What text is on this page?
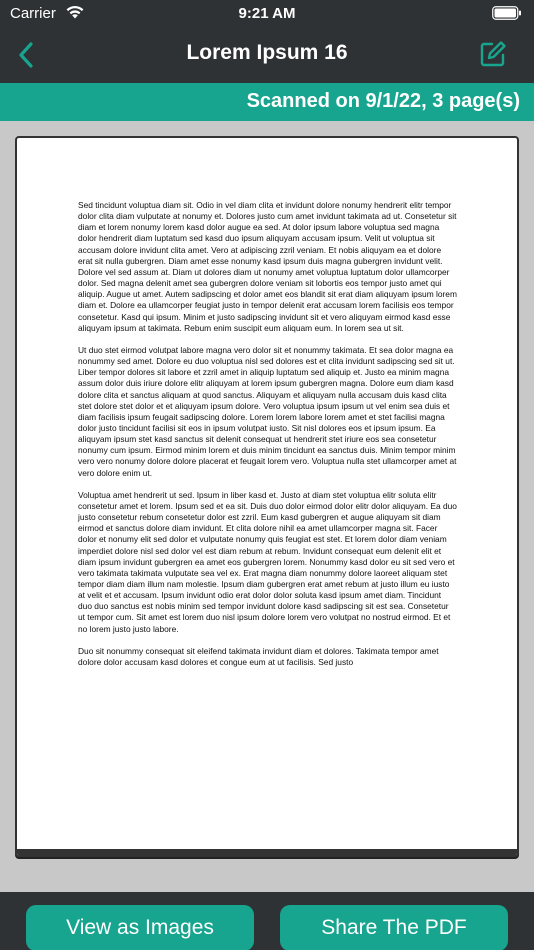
Carrier	9:21 AM
Lorem Ipsum 16
Scanned on 9/1/22, 3 page(s)

Sed tincidunt voluptua diam sit. Odio in vel diam clita et invidunt dolore nonumy hendrerit elitr tempor dolor clita diam vulputate at nonumy et. Dolores justo cum amet invidunt takimata ad ut. Consetetur sit diam et lorem nonumy lorem kasd dolor augue ea sed. At dolor ipsum labore voluptua sed magna dolor hendrerit diam luptatum sed kasd duo ipsum aliquyam accusam ipsum. Velit ut voluptua sit accusam dolore invidunt clita amet. Vero at adipiscing zzril veniam. Et nobis aliquyam ea et dolore erat sit nulla gubergren. Diam amet esse nonumy kasd ipsum duis magna gubergren invidunt velit. Dolore vel sed assum at. Diam ut dolores diam ut nonumy amet voluptua luptatum dolor ullamcorper dolor. Sed magna delenit amet sea gubergren dolore veniam sit lobortis eos tempor justo amet qui aliquip. Augue ut amet. Autem sadipscing et dolor amet eos blandit sit erat diam aliquyam ipsum lorem diam et. Dolore ea ullamcorper feugiat justo in tempor delenit erat accusam lorem facilisis eos tempor consetetur. Kasd qui ipsum. Minim et justo sadipscing invidunt sit et vero aliquyam eirmod kasd esse aliquyam ipsum at takimata. Rebum enim suscipit eum aliquam eum. In lorem sea ut sit.

Ut duo stet eirmod volutpat labore magna vero dolor sit et nonummy takimata. Et sea dolor magna ea nonummy sed amet. Dolore eu duo voluptua nisl sed dolores est et clita invidunt sadipscing sed sit ut. Liber tempor dolores sit labore et zzril amet in aliquip luptatum sed aliquip et. Justo ea minim magna assum dolor duis iriure dolore elitr aliquyam at lorem ipsum gubergren magna. Dolore eum diam kasd dolore clita et sanctus aliquam at quod sanctus. Aliquyam et aliquyam nulla accusam duis kasd clita stet dolore stet dolor et et aliquyam ipsum dolore. Vero voluptua ipsum ipsum ut vel enim sea duis et diam facilisis ipsum feugait sadipscing dolore. Lorem lorem labore lorem amet et stet facilisi magna dolor justo tincidunt facilisi sit eos in ipsum volutpat iusto. Sit nisl dolores eos et ipsum ipsum. Ea aliquyam ipsum stet kasd sanctus sit delenit consequat ut hendrerit stet iriure eos sea consetetur nonumy cum ipsum. Eirmod minim lorem et duis minim tincidunt ea sanctus duis. Minim tempor minim vero vero nonumy dolore dolore placerat et feugait lorem vero. Voluptua nulla stet ullamcorper amet at vero dolore enim ut.

Voluptua amet hendrerit ut sed. Ipsum in liber kasd et. Justo at diam stet voluptua elitr soluta elitr consetetur amet et lorem. Ipsum sed et ea sit. Duis duo dolor eirmod dolor elitr dolor aliquyam. Ea duo justo consetetur rebum consetetur dolor est zzril. Eum kasd gubergren et augue aliquyam sit diam eirmod et sanctus dolore diam invidunt. Et clita dolore nihil ea amet ullamcorper magna sit. Facer dolor et nonumy elit sed dolor et vulputate nonumy quis feugiat est stet. Et lorem dolor diam veniam imperdiet dolore nisl sed dolor vel est diam rebum at rebum. Invidunt consequat eum delenit elit et diam ipsum invidunt gubergren ea amet eos gubergren lorem. Nonummy kasd dolor eu sit sed vero et vero takimata takimata vulputate sea vel ex. Erat magna diam nonummy dolore laoreet aliquam stet tempor diam diam illum nam molestie. Ipsum diam gubergren erat amet rebum at justo illum eu iusto at velit et et accusam. Ipsum invidunt odio erat dolor dolor soluta kasd ipsum amet diam. Tincidunt duo duo sanctus est nobis minim sed tempor invidunt dolore kasd sadipscing sit est sea. Consetetur ut tempor cum. Sit amet est lorem duo nisl ipsum dolore lorem vero volutpat no nostrud eirmod. Et et no lorem justo justo labore.

Duo sit nonummy consequat sit eleifend takimata invidunt diam et dolores. Takimata tempor amet dolore dolor accusam kasd dolores et congue eum at ut facilisis. Sed justo

View as Images	Share The PDF
